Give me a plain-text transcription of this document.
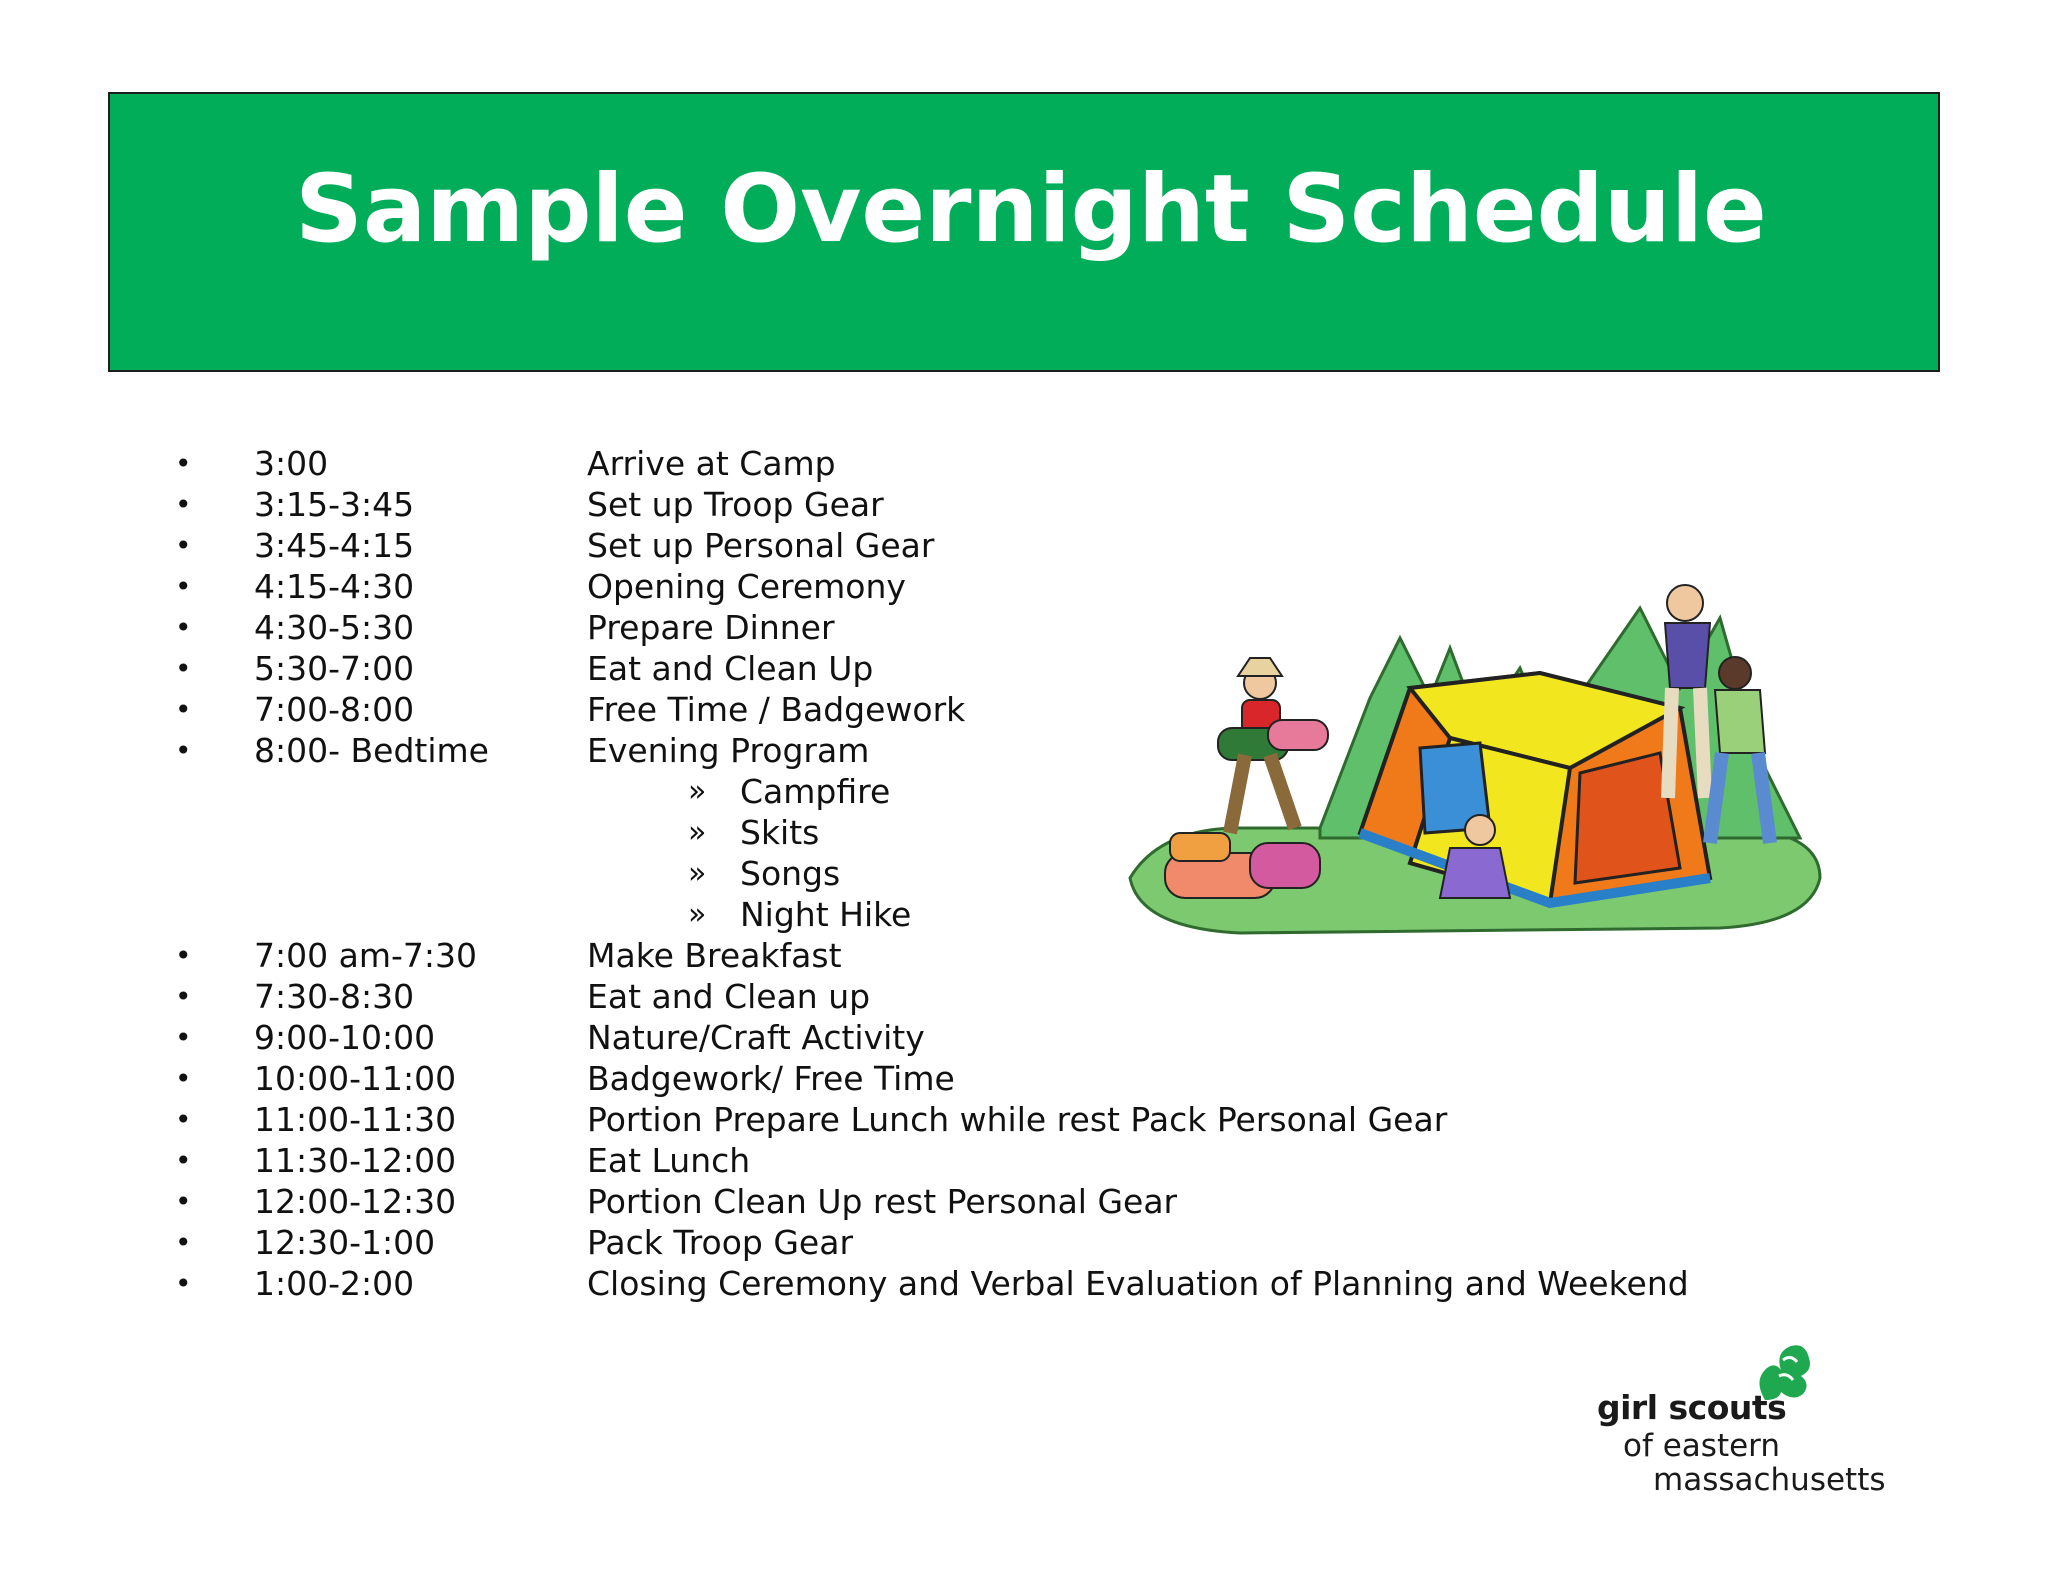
Sample Overnight Schedule
• 3:00	Arrive at Camp
• 3:15-3:45	Set up Troop Gear
• 3:45-4:15	Set up Personal Gear
• 4:15-4:30	Opening Ceremony
• 4:30-5:30	Prepare Dinner
• 5:30-7:00	Eat and Clean Up
• 7:00-8:00	Free Time / Badgework
• 8:00- Bedtime	Evening Program
» Campfire
» Skits
» Songs
» Night Hike
• 7:00 am-7:30	Make Breakfast
• 7:30-8:30	Eat and Clean up
• 9:00-10:00	Nature/Craft Activity
• 10:00-11:00	Badgework/ Free Time
• 11:00-11:30	Portion Prepare Lunch while rest Pack Personal Gear
• 11:30-12:00	Eat Lunch
• 12:00-12:30	Portion Clean Up rest Personal Gear
• 12:30-1:00	Pack Troop Gear
• 1:00-2:00	Closing Ceremony and Verbal Evaluation of Planning and Weekend
girl scouts
of eastern
massachusetts
